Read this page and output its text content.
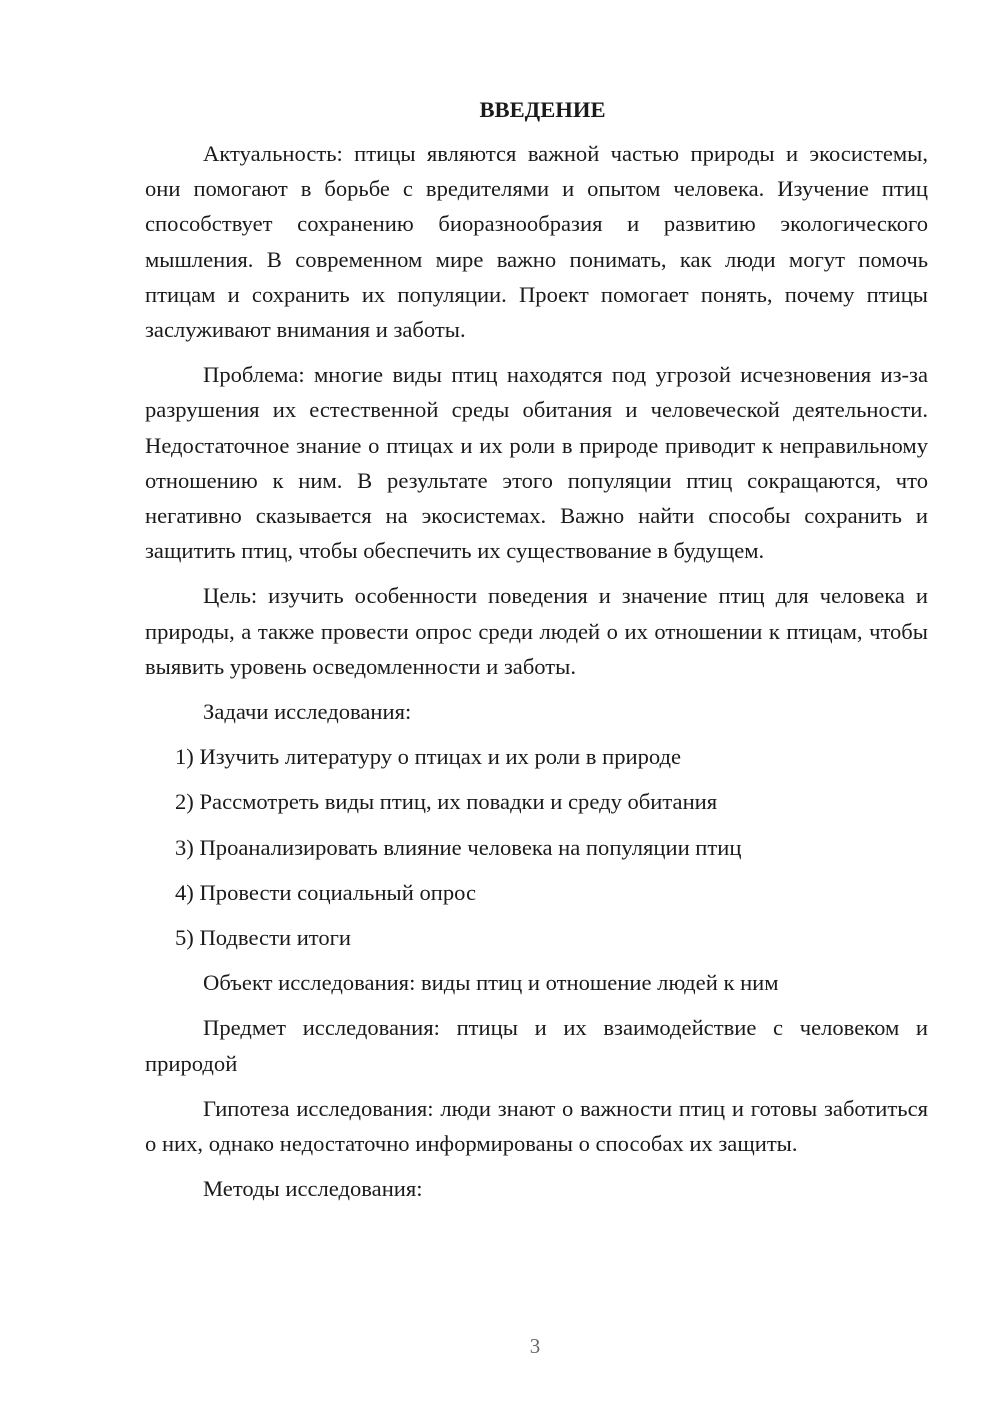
ВВЕДЕНИЕ

Актуальность: птицы являются важной частью природы и экосистемы, они помогают в борьбе с вредителями и опытом человека. Изучение птиц способствует сохранению биоразнообразия и развитию экологического мышления. В современном мире важно понимать, как люди могут помочь птицам и сохранить их популяции. Проект помогает понять, почему птицы заслуживают внимания и заботы.

Проблема: многие виды птиц находятся под угрозой исчезновения из-за разрушения их естественной среды обитания и человеческой деятельности. Недостаточное знание о птицах и их роли в природе приводит к неправильному отношению к ним. В результате этого популяции птиц сокращаются, что негативно сказывается на экосистемах. Важно найти способы сохранить и защитить птиц, чтобы обеспечить их существование в будущем.

Цель: изучить особенности поведения и значение птиц для человека и природы, а также провести опрос среди людей о их отношении к птицам, чтобы выявить уровень осведомленности и заботы.

Задачи исследования:

1) Изучить литературу о птицах и их роли в природе

2) Рассмотреть виды птиц, их повадки и среду обитания

3) Проанализировать влияние человека на популяции птиц

4) Провести социальный опрос

5) Подвести итоги

Объект исследования: виды птиц и отношение людей к ним

Предмет исследования: птицы и их взаимодействие с человеком и природой

Гипотеза исследования: люди знают о важности птиц и готовы заботиться о них, однако недостаточно информированы о способах их защиты.

Методы исследования:

3
